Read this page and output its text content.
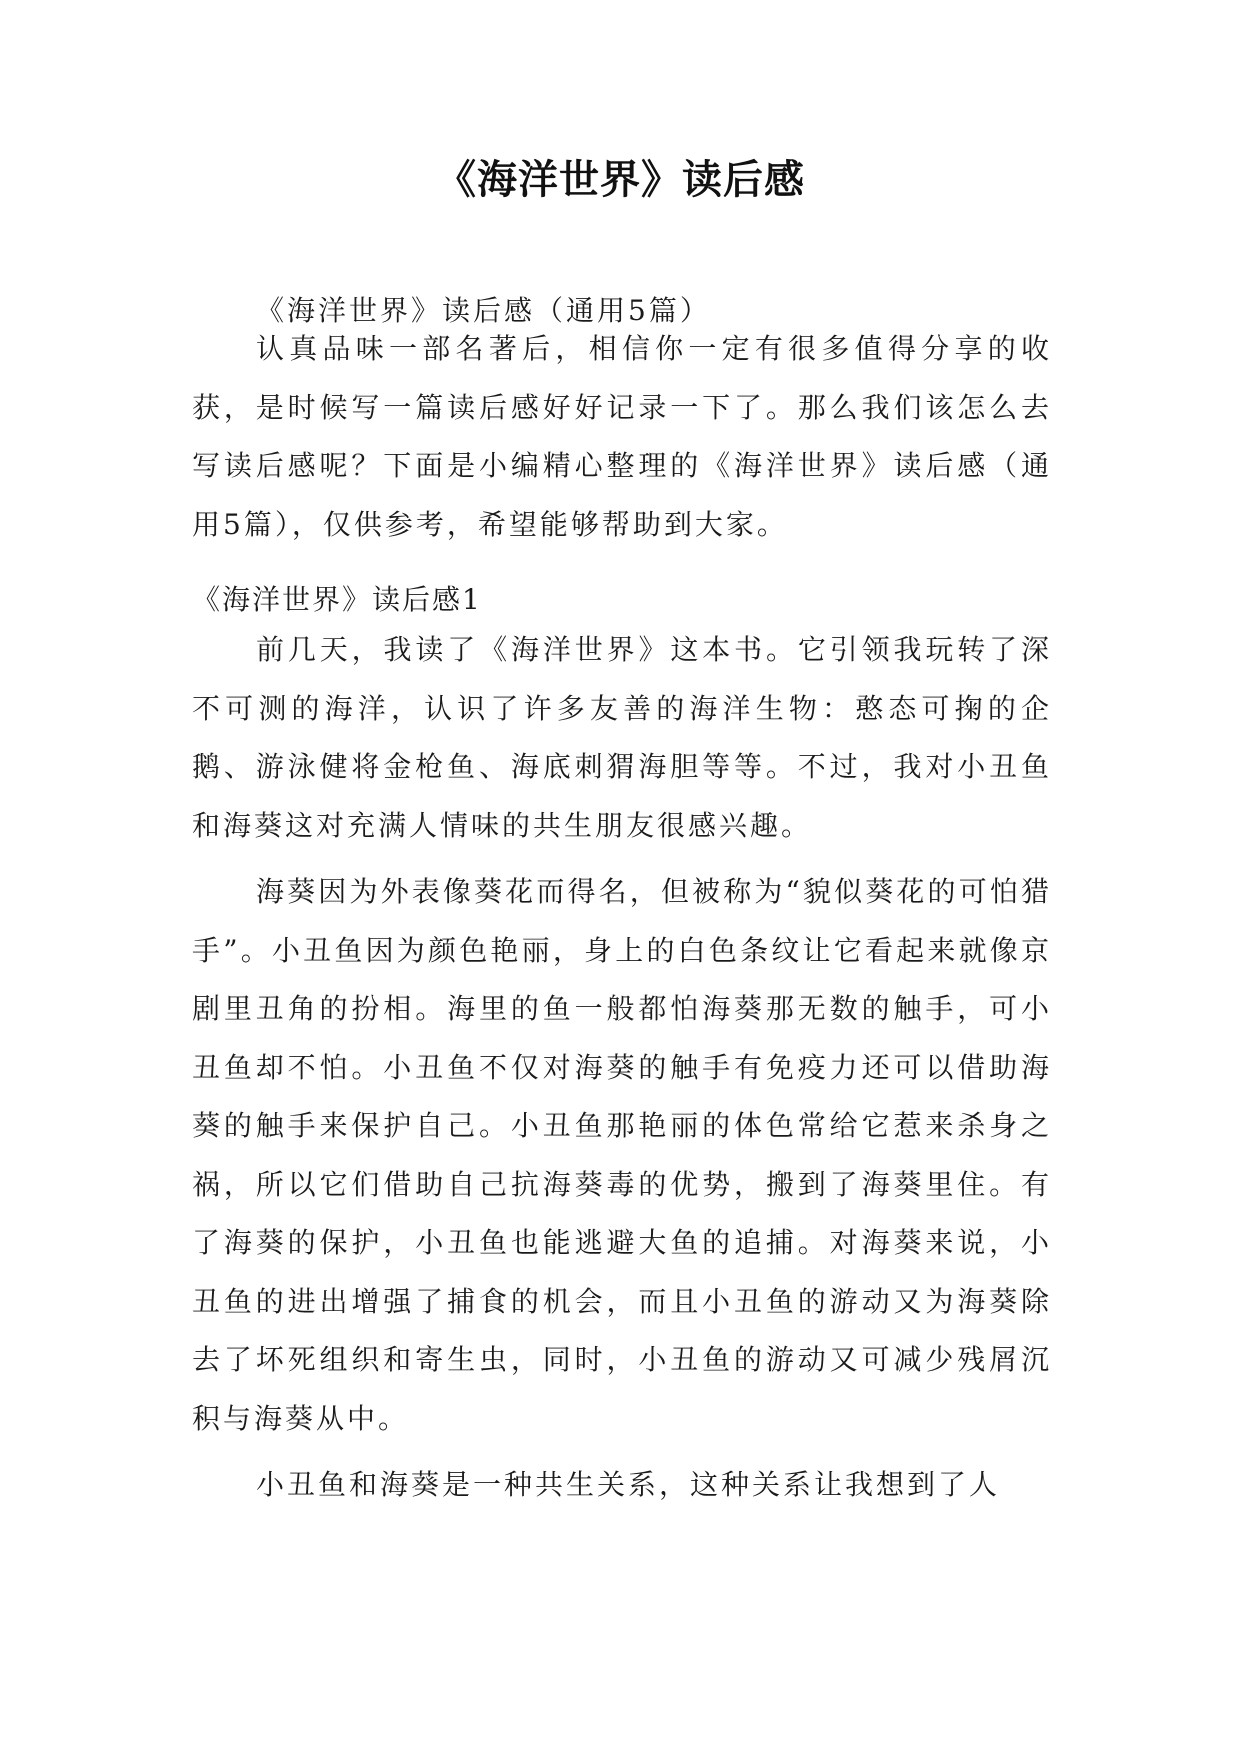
《海洋世界》读后感
《海洋世界》读后感（通用5篇）

认真品味一部名著后，相信你一定有很多值得分享的收获，是时候写一篇读后感好好记录一下了。那么我们该怎么去写读后感呢？下面是小编精心整理的《海洋世界》读后感（通用5篇），仅供参考，希望能够帮助到大家。

《海洋世界》读后感1

前几天，我读了《海洋世界》这本书。它引领我玩转了深不可测的海洋，认识了许多友善的海洋生物：憨态可掬的企鹅、游泳健将金枪鱼、海底刺猬海胆等等。不过，我对小丑鱼和海葵这对充满人情味的共生朋友很感兴趣。

海葵因为外表像葵花而得名，但被称为“貌似葵花的可怕猎手”。小丑鱼因为颜色艳丽，身上的白色条纹让它看起来就像京剧里丑角的扮相。海里的鱼一般都怕海葵那无数的触手，可小丑鱼却不怕。小丑鱼不仅对海葵的触手有免疫力还可以借助海葵的触手来保护自己。小丑鱼那艳丽的体色常给它惹来杀身之祸，所以它们借助自己抗海葵毒的优势，搬到了海葵里住。有了海葵的保护，小丑鱼也能逃避大鱼的追捕。对海葵来说，小丑鱼的进出增强了捕食的机会，而且小丑鱼的游动又为海葵除去了坏死组织和寄生虫，同时，小丑鱼的游动又可减少残屑沉积与海葵从中。

小丑鱼和海葵是一种共生关系，这种关系让我想到了人
